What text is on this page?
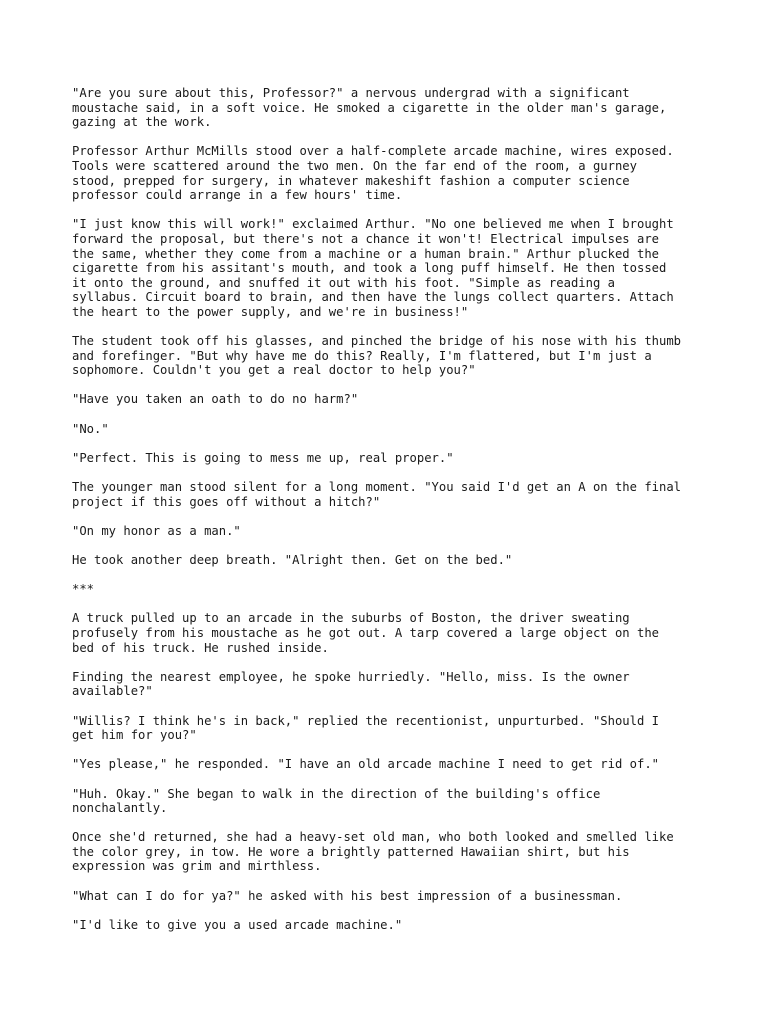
"Are you sure about this, Professor?" a nervous undergrad with a significant
moustache said, in a soft voice. He smoked a cigarette in the older man's garage,
gazing at the work.

Professor Arthur McMills stood over a half-complete arcade machine, wires exposed.
Tools were scattered around the two men. On the far end of the room, a gurney
stood, prepped for surgery, in whatever makeshift fashion a computer science
professor could arrange in a few hours' time.

"I just know this will work!" exclaimed Arthur. "No one believed me when I brought
forward the proposal, but there's not a chance it won't! Electrical impulses are
the same, whether they come from a machine or a human brain." Arthur plucked the
cigarette from his assitant's mouth, and took a long puff himself. He then tossed
it onto the ground, and snuffed it out with his foot. "Simple as reading a
syllabus. Circuit board to brain, and then have the lungs collect quarters. Attach
the heart to the power supply, and we're in business!"

The student took off his glasses, and pinched the bridge of his nose with his thumb
and forefinger. "But why have me do this? Really, I'm flattered, but I'm just a
sophomore. Couldn't you get a real doctor to help you?"

"Have you taken an oath to do no harm?"

"No."

"Perfect. This is going to mess me up, real proper."

The younger man stood silent for a long moment. "You said I'd get an A on the final
project if this goes off without a hitch?"

"On my honor as a man."

He took another deep breath. "Alright then. Get on the bed."

***

A truck pulled up to an arcade in the suburbs of Boston, the driver sweating
profusely from his moustache as he got out. A tarp covered a large object on the
bed of his truck. He rushed inside.

Finding the nearest employee, he spoke hurriedly. "Hello, miss. Is the owner
available?"

"Willis? I think he's in back," replied the recentionist, unpurturbed. "Should I
get him for you?"

"Yes please," he responded. "I have an old arcade machine I need to get rid of."

"Huh. Okay." She began to walk in the direction of the building's office
nonchalantly.

Once she'd returned, she had a heavy-set old man, who both looked and smelled like
the color grey, in tow. He wore a brightly patterned Hawaiian shirt, but his
expression was grim and mirthless.

"What can I do for ya?" he asked with his best impression of a businessman.

"I'd like to give you a used arcade machine."
